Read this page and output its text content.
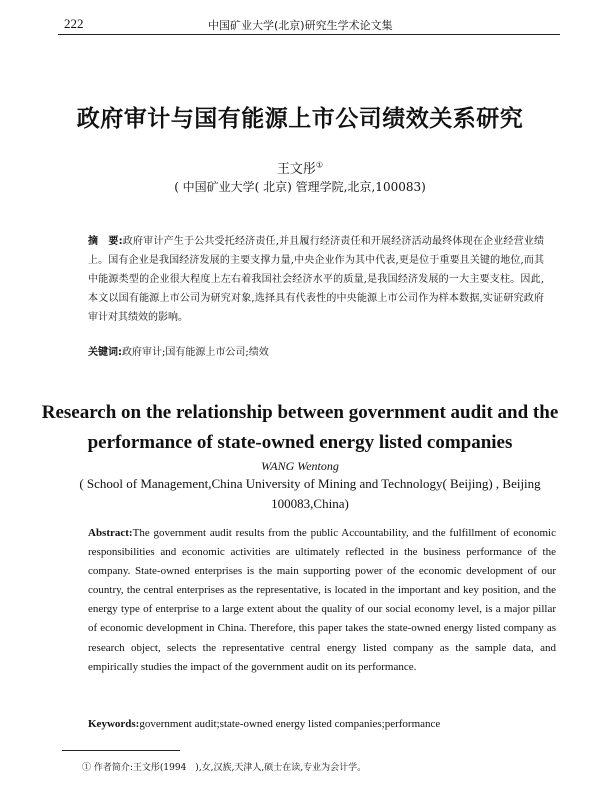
222	中国矿业大学(北京)研究生学术论文集
政府审计与国有能源上市公司绩效关系研究
王文彤①
( 中国矿业大学( 北京) 管理学院,北京,100083)
摘　要:政府审计产生于公共受托经济责任,并且履行经济责任和开展经济活动最终体现在企业经营业绩上。国有企业是我国经济发展的主要支撑力量,中央企业作为其中代表,更是位于重要且关键的地位,而其中能源类型的企业很大程度上左右着我国社会经济水平的质量,是我国经济发展的一大主要支柱。因此,本文以国有能源上市公司为研究对象,选择具有代表性的中央能源上市公司作为样本数据,实证研究政府审计对其绩效的影响。
关键词:政府审计;国有能源上市公司;绩效
Research on the relationship between government audit and the performance of state-owned energy listed companies
WANG Wentong
( School of Management,China University of Mining and Technology( Beijing) , Beijing 100083,China)
Abstract:The government audit results from the public Accountability, and the fulfillment of economic responsibilities and economic activities are ultimately reflected in the business performance of the company. State-owned enterprises is the main supporting power of the economic development of our country, the central enterprises as the representative, is located in the important and key position, and the energy type of enterprise to a large extent about the quality of our social economy level, is a major pillar of economic development in China. Therefore, this paper takes the state-owned energy listed company as research object, selects the representative central energy listed company as the sample data, and empirically studies the impact of the government audit on its performance.
Keywords:government audit;state-owned energy listed companies;performance
① 作者简介:王文彤(1994　),女,汉族,天津人,硕士在读,专业为会计学。
